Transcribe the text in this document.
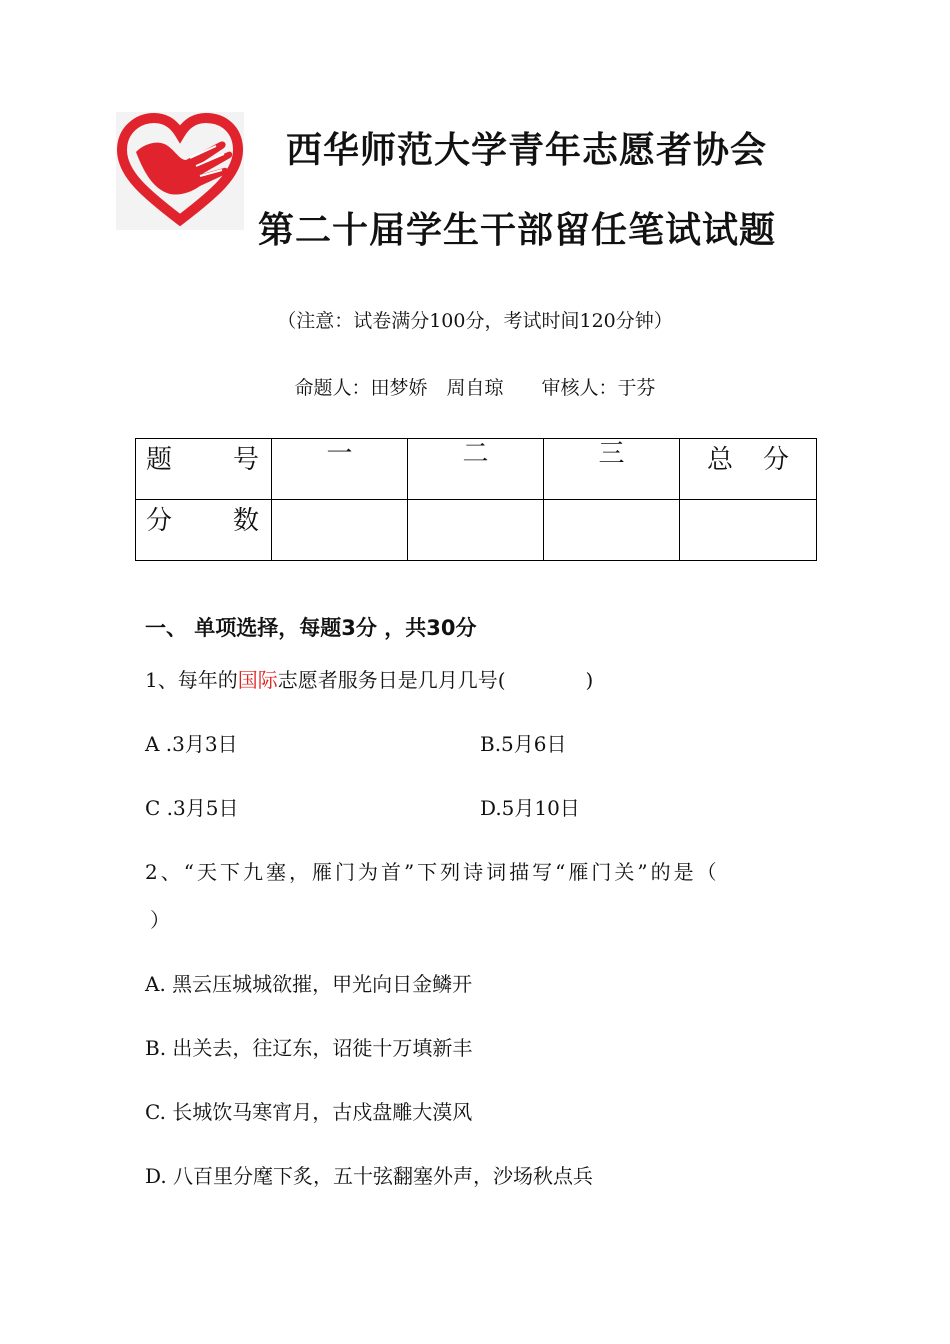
西华师范大学青年志愿者协会
第二十届学生干部留任笔试试题
（注意：试卷满分100分，考试时间120分钟）
命题人：田梦娇　周自琼　　审核人：于芬
题 号	一	二	三	总 分

分 数				

一、 单项选择，每题3分 ，共30分
1、每年的国际志愿者服务日是几月几号(　　　　)
A .3月3日	B.5月6日
C .3月5日	D.5月10日
2、“天下九塞，雁门为首”下列诗词描写“雁门关”的是（
）
A. 黑云压城城欲摧，甲光向日金鳞开
B. 出关去，往辽东，诏徙十万填新丰
C. 长城饮马寒宵月，古戍盘雕大漠风
D. 八百里分麾下炙，五十弦翻塞外声，沙场秋点兵
